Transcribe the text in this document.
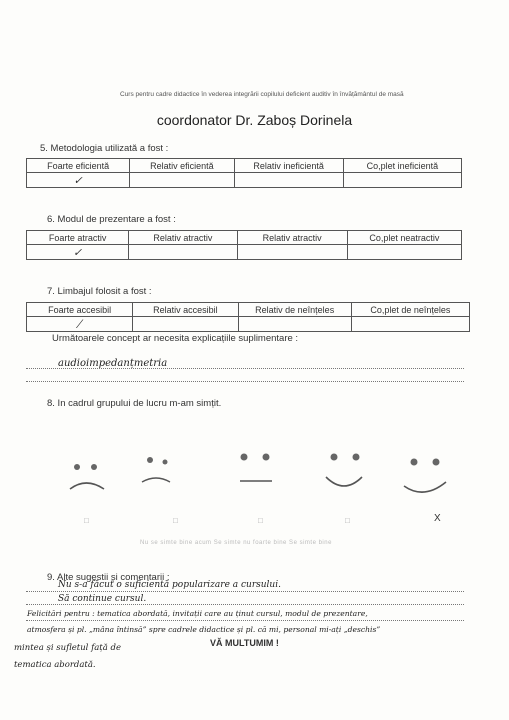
Curs pentru cadre didactice în vederea integrării copilului deficient auditiv în învățământul de masă
coordonator Dr. Zaboș Dorinela
5. Metodologia utilizată a fost :
Foarte eficientă	Relativ eficientă	Relativ ineficientă	Co,plet ineficientă
✓			
6. Modul de prezentare a fost :
Foarte atractiv	Relativ atractiv	Relativ atractiv	Co,plet neatractiv
✓			
7. Limbajul folosit a fost :
Foarte accesibil	Relativ accesibil	Relativ de neînțeles	Co,plet de neînțeles
⁄			
Următoarele concept ar necesita explicațiile suplimentare :
audioimpedanțmetria
8. In cadrul grupului de lucru m-am simțit.
□	□	□	□	X
Nu se simte bine acum Se simte nu foarte bine Se simte bine
9. Alte sugestii și comentarii :
Nu s-a făcut o suficientă popularizare a cursului.
Să continue cursul.
Felicitări pentru : tematica abordată, invitații care au ținut cursul, modul de prezentare,
atmosfera și pl. „mâna întinsă” spre cadrele didactice și pl. că mi, personal mi-ați „deschis”
mintea și sufletul față de	VĂ MULTUMIM !
tematica abordată.
